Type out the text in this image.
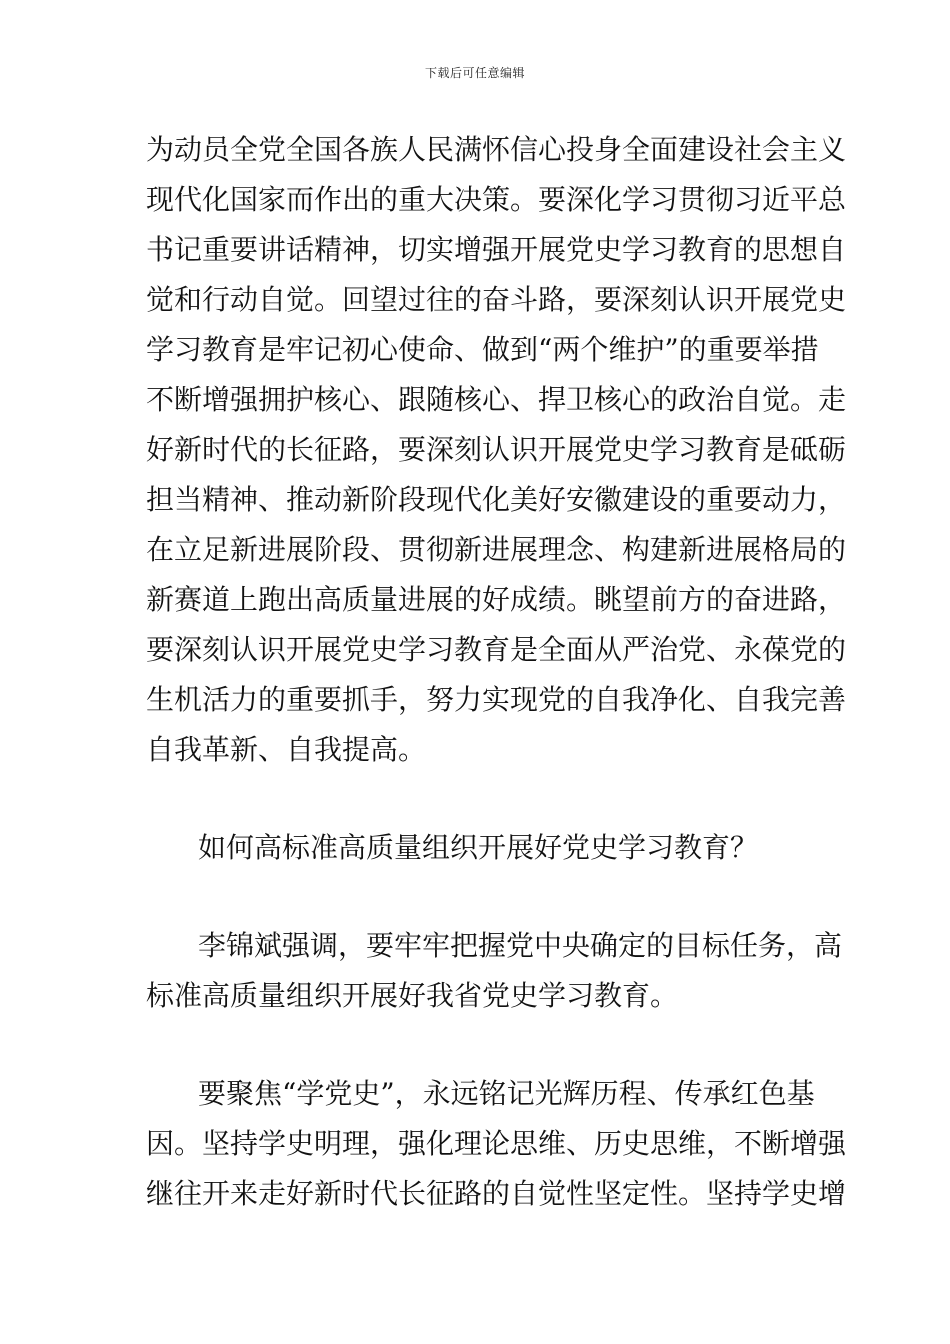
下载后可任意编辑
为动员全党全国各族人民满怀信心投身全面建设社会主义
现代化国家而作出的重大决策。要深化学习贯彻习近平总
书记重要讲话精神，切实增强开展党史学习教育的思想自
觉和行动自觉。回望过往的奋斗路，要深刻认识开展党史
学习教育是牢记初心使命、做到“两个维护”的重要举措
不断增强拥护核心、跟随核心、捍卫核心的政治自觉。走
好新时代的长征路，要深刻认识开展党史学习教育是砥砺
担当精神、推动新阶段现代化美好安徽建设的重要动力，
在立足新进展阶段、贯彻新进展理念、构建新进展格局的
新赛道上跑出高质量进展的好成绩。眺望前方的奋进路，
要深刻认识开展党史学习教育是全面从严治党、永葆党的
生机活力的重要抓手，努力实现党的自我净化、自我完善
自我革新、自我提高。
如何高标准高质量组织开展好党史学习教育？
李锦斌强调，要牢牢把握党中央确定的目标任务，高
标准高质量组织开展好我省党史学习教育。
要聚焦“学党史”，永远铭记光辉历程、传承红色基
因。坚持学史明理，强化理论思维、历史思维，不断增强
继往开来走好新时代长征路的自觉性坚定性。坚持学史增
